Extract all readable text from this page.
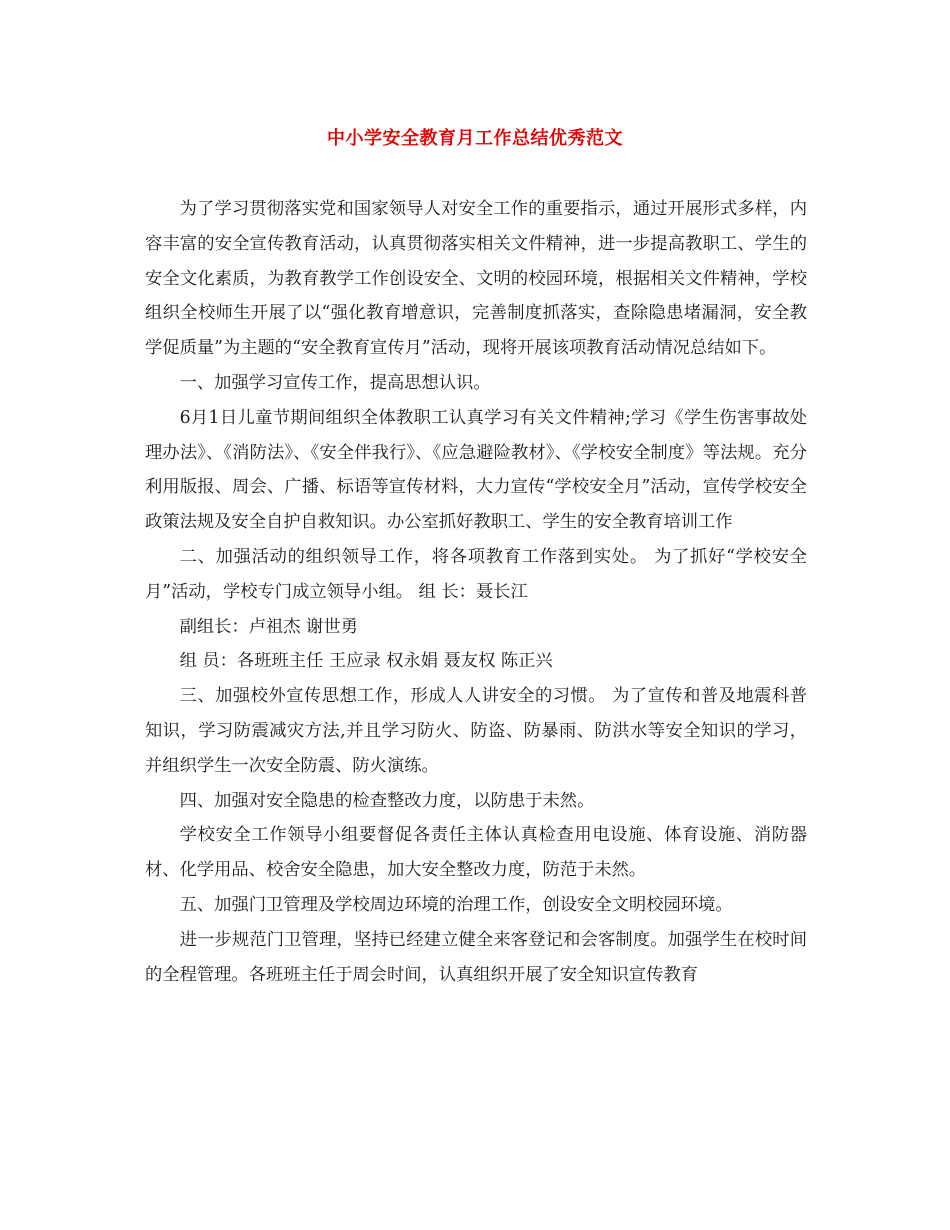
中小学安全教育月工作总结优秀范文

为了学习贯彻落实党和国家领导人对安全工作的重要指示，通过开展形式多样，内容丰富的安全宣传教育活动，认真贯彻落实相关文件精神，进一步提高教职工、学生的安全文化素质，为教育教学工作创设安全、文明的校园环境，根据相关文件精神，学校组织全校师生开展了以“强化教育增意识，完善制度抓落实，查除隐患堵漏洞，安全教学促质量”为主题的“安全教育宣传月”活动，现将开展该项教育活动情况总结如下。

一、加强学习宣传工作，提高思想认识。

6月1日儿童节期间组织全体教职工认真学习有关文件精神;学习《学生伤害事故处理办法》、《消防法》、《安全伴我行》、《应急避险教材》、《学校安全制度》等法规。充分利用版报、周会、广播、标语等宣传材料，大力宣传“学校安全月”活动，宣传学校安全政策法规及安全自护自救知识。办公室抓好教职工、学生的安全教育培训工作

二、加强活动的组织领导工作，将各项教育工作落到实处。 为了抓好“学校安全月”活动，学校专门成立领导小组。 组 长：聂长江

副组长：卢祖杰 谢世勇

组 员：各班班主任 王应录 权永娟 聂友权 陈正兴

三、加强校外宣传思想工作，形成人人讲安全的习惯。 为了宣传和普及地震科普知识，学习防震减灾方法,并且学习防火、防盗、防暴雨、防洪水等安全知识的学习，并组织学生一次安全防震、防火演练。

四、加强对安全隐患的检查整改力度，以防患于未然。

学校安全工作领导小组要督促各责任主体认真检查用电设施、体育设施、消防器材、化学用品、校舍安全隐患，加大安全整改力度，防范于未然。

五、加强门卫管理及学校周边环境的治理工作，创设安全文明校园环境。

进一步规范门卫管理，坚持已经建立健全来客登记和会客制度。加强学生在校时间的全程管理。各班班主任于周会时间，认真组织开展了安全知识宣传教育
